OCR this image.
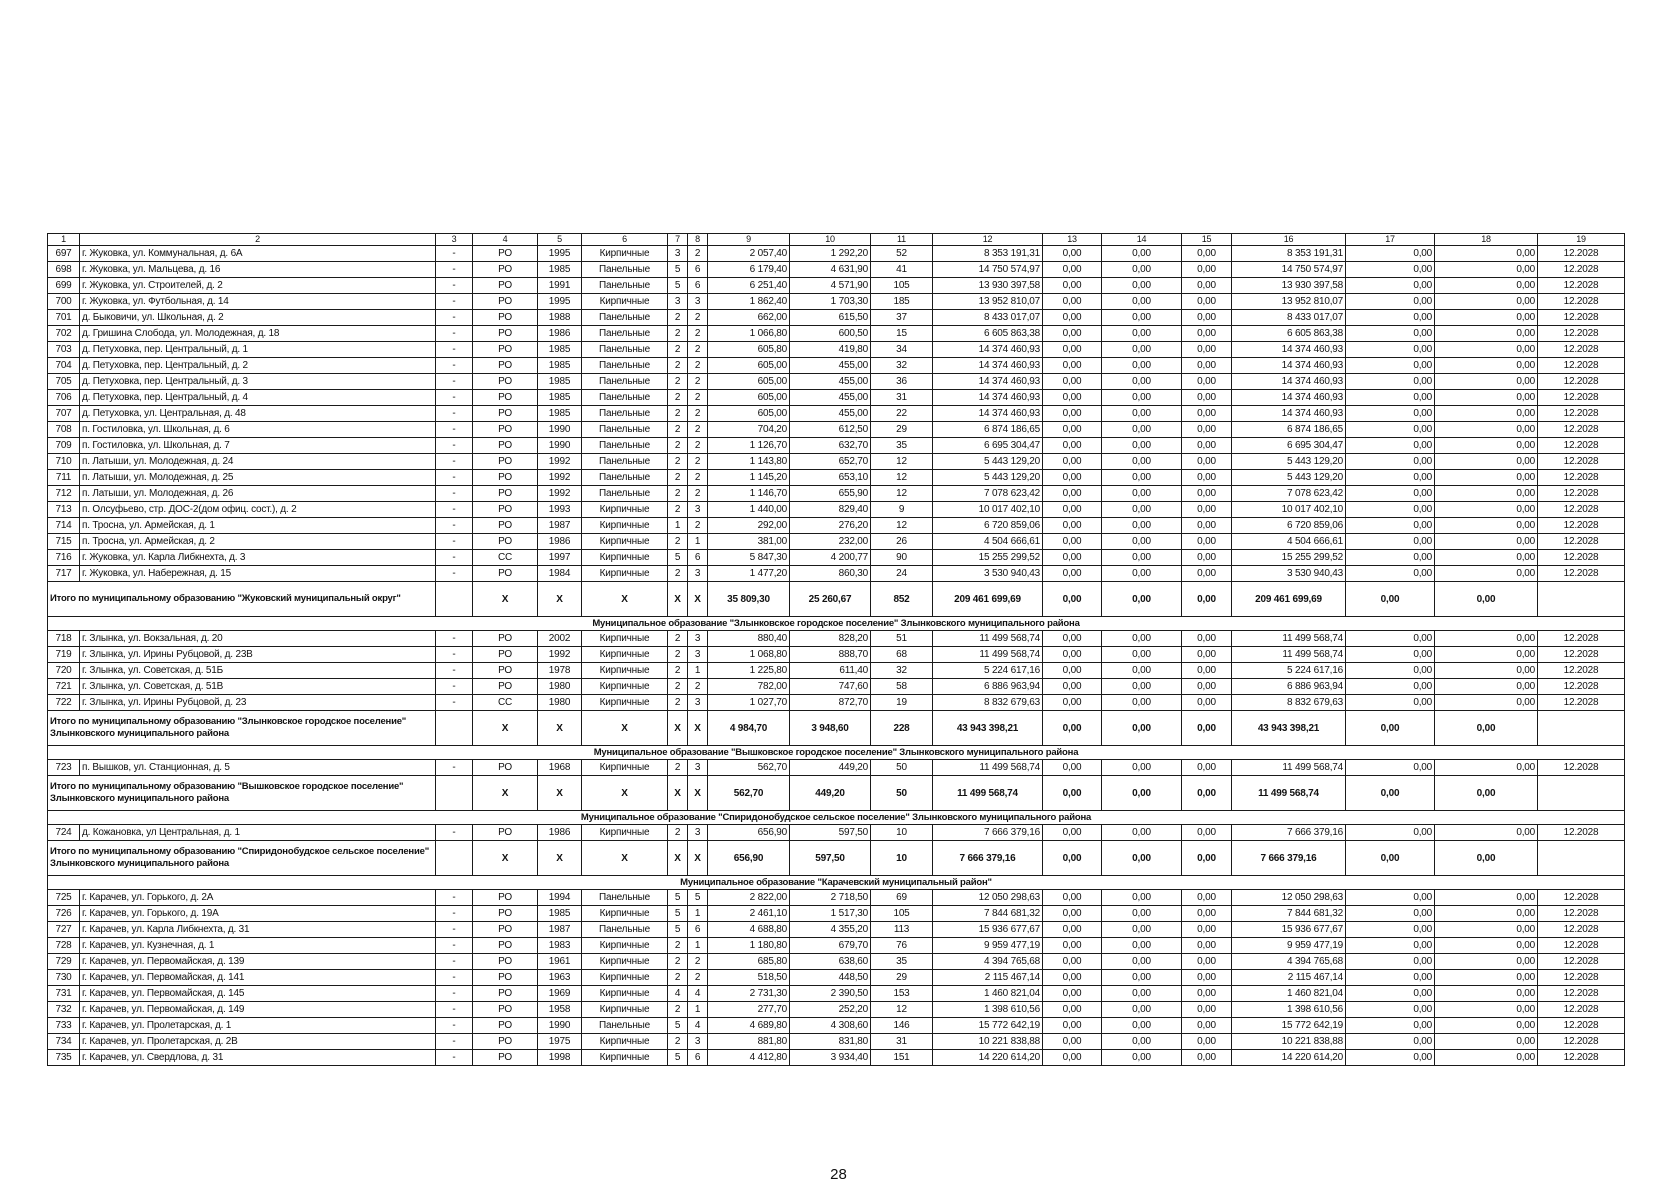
1	2	3	4	5	6	7	8	9	10	11	12	13	14	15	16	17	18	19
697	г. Жуковка, ул. Коммунальная, д. 6А	-	РО	1995	Кирпичные	3	2	2 057,40	1 292,20	52	8 353 191,31	0,00	0,00	0,00	8 353 191,31	0,00	0,00	12.2028
698	г. Жуковка, ул. Мальцева, д. 16	-	РО	1985	Панельные	5	6	6 179,40	4 631,90	41	14 750 574,97	0,00	0,00	0,00	14 750 574,97	0,00	0,00	12.2028
699	г. Жуковка, ул. Строителей, д. 2	-	РО	1991	Панельные	5	6	6 251,40	4 571,90	105	13 930 397,58	0,00	0,00	0,00	13 930 397,58	0,00	0,00	12.2028
700	г. Жуковка, ул. Футбольная, д. 14	-	РО	1995	Кирпичные	3	3	1 862,40	1 703,30	185	13 952 810,07	0,00	0,00	0,00	13 952 810,07	0,00	0,00	12.2028
701	д. Быковичи, ул. Школьная, д. 2	-	РО	1988	Панельные	2	2	662,00	615,50	37	8 433 017,07	0,00	0,00	0,00	8 433 017,07	0,00	0,00	12.2028
702	д. Гришина Слобода, ул. Молодежная, д. 18	-	РО	1986	Панельные	2	2	1 066,80	600,50	15	6 605 863,38	0,00	0,00	0,00	6 605 863,38	0,00	0,00	12.2028
703	д. Петуховка, пер. Центральный, д. 1	-	РО	1985	Панельные	2	2	605,80	419,80	34	14 374 460,93	0,00	0,00	0,00	14 374 460,93	0,00	0,00	12.2028
704	д. Петуховка, пер. Центральный, д. 2	-	РО	1985	Панельные	2	2	605,00	455,00	32	14 374 460,93	0,00	0,00	0,00	14 374 460,93	0,00	0,00	12.2028
705	д. Петуховка, пер. Центральный, д. 3	-	РО	1985	Панельные	2	2	605,00	455,00	36	14 374 460,93	0,00	0,00	0,00	14 374 460,93	0,00	0,00	12.2028
706	д. Петуховка, пер. Центральный, д. 4	-	РО	1985	Панельные	2	2	605,00	455,00	31	14 374 460,93	0,00	0,00	0,00	14 374 460,93	0,00	0,00	12.2028
707	д. Петуховка, ул. Центральная, д. 48	-	РО	1985	Панельные	2	2	605,00	455,00	22	14 374 460,93	0,00	0,00	0,00	14 374 460,93	0,00	0,00	12.2028
708	п. Гостиловка, ул. Школьная, д. 6	-	РО	1990	Панельные	2	2	704,20	612,50	29	6 874 186,65	0,00	0,00	0,00	6 874 186,65	0,00	0,00	12.2028
709	п. Гостиловка, ул. Школьная, д. 7	-	РО	1990	Панельные	2	2	1 126,70	632,70	35	6 695 304,47	0,00	0,00	0,00	6 695 304,47	0,00	0,00	12.2028
710	п. Латыши, ул. Молодежная, д. 24	-	РО	1992	Панельные	2	2	1 143,80	652,70	12	5 443 129,20	0,00	0,00	0,00	5 443 129,20	0,00	0,00	12.2028
711	п. Латыши, ул. Молодежная, д. 25	-	РО	1992	Панельные	2	2	1 145,20	653,10	12	5 443 129,20	0,00	0,00	0,00	5 443 129,20	0,00	0,00	12.2028
712	п. Латыши, ул. Молодежная, д. 26	-	РО	1992	Панельные	2	2	1 146,70	655,90	12	7 078 623,42	0,00	0,00	0,00	7 078 623,42	0,00	0,00	12.2028
713	п. Олсуфьево, стр. ДОС-2(дом офиц. сост.), д. 2	-	РО	1993	Кирпичные	2	3	1 440,00	829,40	9	10 017 402,10	0,00	0,00	0,00	10 017 402,10	0,00	0,00	12.2028
714	п. Тросна, ул. Армейская, д. 1	-	РО	1987	Кирпичные	1	2	292,00	276,20	12	6 720 859,06	0,00	0,00	0,00	6 720 859,06	0,00	0,00	12.2028
715	п. Тросна, ул. Армейская, д. 2	-	РО	1986	Кирпичные	2	1	381,00	232,00	26	4 504 666,61	0,00	0,00	0,00	4 504 666,61	0,00	0,00	12.2028
716	г. Жуковка, ул. Карла Либкнехта, д. 3	-	СС	1997	Кирпичные	5	6	5 847,30	4 200,77	90	15 255 299,52	0,00	0,00	0,00	15 255 299,52	0,00	0,00	12.2028
717	г. Жуковка, ул. Набережная, д. 15	-	РО	1984	Кирпичные	2	3	1 477,20	860,30	24	3 530 940,43	0,00	0,00	0,00	3 530 940,43	0,00	0,00	12.2028
Итого по муниципальному образованию "Жуковский муниципальный округ"			X	X	X	X	X	35 809,30	25 260,67	852	209 461 699,69	0,00	0,00	0,00	209 461 699,69	0,00	0,00	
Муниципальное образование "Злынковское городское поселение" Злынковского муниципального района																		
718	г. Злынка, ул. Вокзальная, д. 20	-	РО	2002	Кирпичные	2	3	880,40	828,20	51	11 499 568,74	0,00	0,00	0,00	11 499 568,74	0,00	0,00	12.2028
719	г. Злынка, ул. Ирины Рубцовой, д. 23В	-	РО	1992	Кирпичные	2	3	1 068,80	888,70	68	11 499 568,74	0,00	0,00	0,00	11 499 568,74	0,00	0,00	12.2028
720	г. Злынка, ул. Советская, д. 51Б	-	РО	1978	Кирпичные	2	1	1 225,80	611,40	32	5 224 617,16	0,00	0,00	0,00	5 224 617,16	0,00	0,00	12.2028
721	г. Злынка, ул. Советская, д. 51В	-	РО	1980	Кирпичные	2	2	782,00	747,60	58	6 886 963,94	0,00	0,00	0,00	6 886 963,94	0,00	0,00	12.2028
722	г. Злынка, ул. Ирины Рубцовой, д. 23	-	СС	1980	Кирпичные	2	3	1 027,70	872,70	19	8 832 679,63	0,00	0,00	0,00	8 832 679,63	0,00	0,00	12.2028
Итого по муниципальному образованию "Злынковское городское поселение" Злынковского муниципального района			X	X	X	X	X	4 984,70	3 948,60	228	43 943 398,21	0,00	0,00	0,00	43 943 398,21	0,00	0,00	
Муниципальное образование "Вышковское городское поселение" Злынковского муниципального района																		
723	п. Вышков, ул. Станционная, д. 5	-	РО	1968	Кирпичные	2	3	562,70	449,20	50	11 499 568,74	0,00	0,00	0,00	11 499 568,74	0,00	0,00	12.2028
Итого по муниципальному образованию "Вышковское городское поселение" Злынковского муниципального района			X	X	X	X	X	562,70	449,20	50	11 499 568,74	0,00	0,00	0,00	11 499 568,74	0,00	0,00	
Муниципальное образование "Спиридонобудское сельское поселение" Злынковского муниципального района																		
724	д. Кожановка, ул Центральная, д. 1	-	РО	1986	Кирпичные	2	3	656,90	597,50	10	7 666 379,16	0,00	0,00	0,00	7 666 379,16	0,00	0,00	12.2028
Итого по муниципальному образованию "Спиридонобудское сельское поселение" Злынковского муниципального района			X	X	X	X	X	656,90	597,50	10	7 666 379,16	0,00	0,00	0,00	7 666 379,16	0,00	0,00	
Муниципальное образование "Карачевский муниципальный район"																		
725	г. Карачев, ул. Горького, д. 2А	-	РО	1994	Панельные	5	5	2 822,00	2 718,50	69	12 050 298,63	0,00	0,00	0,00	12 050 298,63	0,00	0,00	12.2028
726	г. Карачев, ул. Горького, д. 19А	-	РО	1985	Кирпичные	5	1	2 461,10	1 517,30	105	7 844 681,32	0,00	0,00	0,00	7 844 681,32	0,00	0,00	12.2028
727	г. Карачев, ул. Карла Либкнехта, д. 31	-	РО	1987	Панельные	5	6	4 688,80	4 355,20	113	15 936 677,67	0,00	0,00	0,00	15 936 677,67	0,00	0,00	12.2028
728	г. Карачев, ул. Кузнечная, д. 1	-	РО	1983	Кирпичные	2	1	1 180,80	679,70	76	9 959 477,19	0,00	0,00	0,00	9 959 477,19	0,00	0,00	12.2028
729	г. Карачев, ул. Первомайская, д. 139	-	РО	1961	Кирпичные	2	2	685,80	638,60	35	4 394 765,68	0,00	0,00	0,00	4 394 765,68	0,00	0,00	12.2028
730	г. Карачев, ул. Первомайская, д. 141	-	РО	1963	Кирпичные	2	2	518,50	448,50	29	2 115 467,14	0,00	0,00	0,00	2 115 467,14	0,00	0,00	12.2028
731	г. Карачев, ул. Первомайская, д. 145	-	РО	1969	Кирпичные	4	4	2 731,30	2 390,50	153	1 460 821,04	0,00	0,00	0,00	1 460 821,04	0,00	0,00	12.2028
732	г. Карачев, ул. Первомайская, д. 149	-	РО	1958	Кирпичные	2	1	277,70	252,20	12	1 398 610,56	0,00	0,00	0,00	1 398 610,56	0,00	0,00	12.2028
733	г. Карачев, ул. Пролетарская, д. 1	-	РО	1990	Панельные	5	4	4 689,80	4 308,60	146	15 772 642,19	0,00	0,00	0,00	15 772 642,19	0,00	0,00	12.2028
734	г. Карачев, ул. Пролетарская, д. 2В	-	РО	1975	Кирпичные	2	3	881,80	831,80	31	10 221 838,88	0,00	0,00	0,00	10 221 838,88	0,00	0,00	12.2028
735	г. Карачев, ул. Свердлова, д. 31	-	РО	1998	Кирпичные	5	6	4 412,80	3 934,40	151	14 220 614,20	0,00	0,00	0,00	14 220 614,20	0,00	0,00	12.2028
28
